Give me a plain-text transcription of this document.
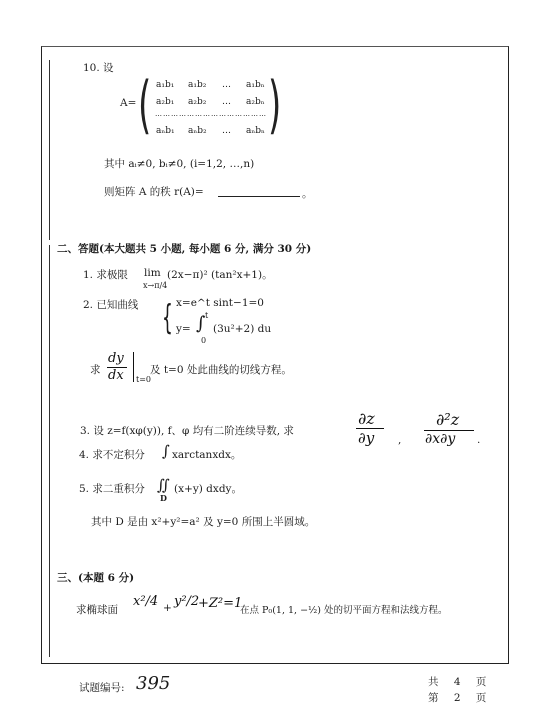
10. 设
A= ( )
a₁b₁ a₁b₂ … a₁bₙ
a₂b₁ a₂b₂ … a₂bₙ
……………………………………
aₙb₁ aₙb₂ … aₙbₙ
其中 aᵢ≠0, bᵢ≠0, (i=1,2, …,n)
则矩阵 A 的秩 r(A)=	。
二、答题(本大题共 5 小题, 每小题 6 分, 满分 30 分)
1. 求极限 lim
x→π/4
(2x−π)² (tan²x+1)。
2. 已知曲线 { x=e^t sint−1=0
y= ∫ t
0
(3u²+2) du
求
dy
dx t=0
及 t=0 处此曲线的切线方程。
3. 设 z=f(xφ(y)), f、φ 均有二阶连续导数, 求
∂z
∂y ,
∂²z
∂x∂y .
4. 求不定积分 ∫ xarctanxdx。
5. 求二重积分 ∬
D
(x+y) dxdy。
其中 D 是由 x²+y²=a² 及 y=0 所围上半圆域。
三、(本题 6 分)
求椭球面
x²/4 + y²/2
+Z²=1
在点 P₀(1, 1, −½) 处的切平面方程和法线方程。
试题编号: 395	共 4 页
第 2 页
